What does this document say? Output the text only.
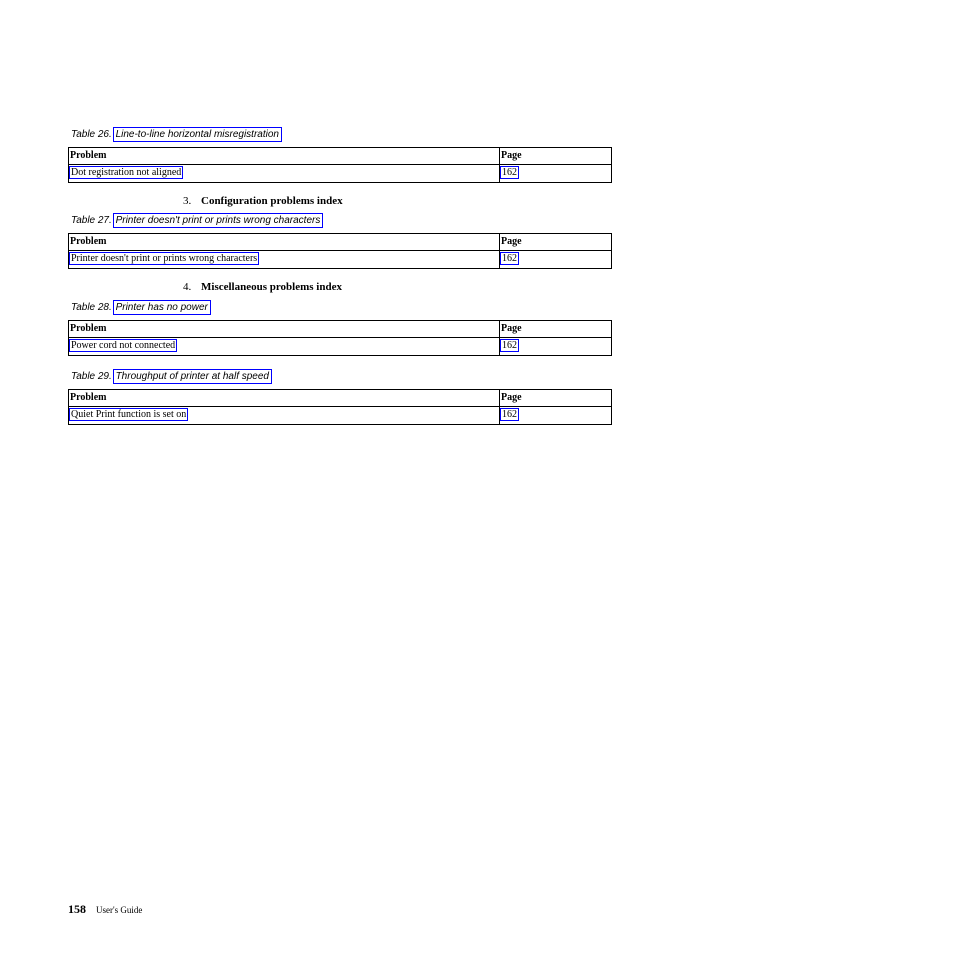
Table 26. Line-to-line horizontal misregistration
Problem	Page
Dot registration not aligned	162
3. Configuration problems index
Table 27. Printer doesn't print or prints wrong characters
Problem	Page
Printer doesn't print or prints wrong characters	162
4. Miscellaneous problems index
Table 28. Printer has no power
Problem	Page
Power cord not connected	162
Table 29. Throughput of printer at half speed
Problem	Page
Quiet Print function is set on	162
158 User's Guide
